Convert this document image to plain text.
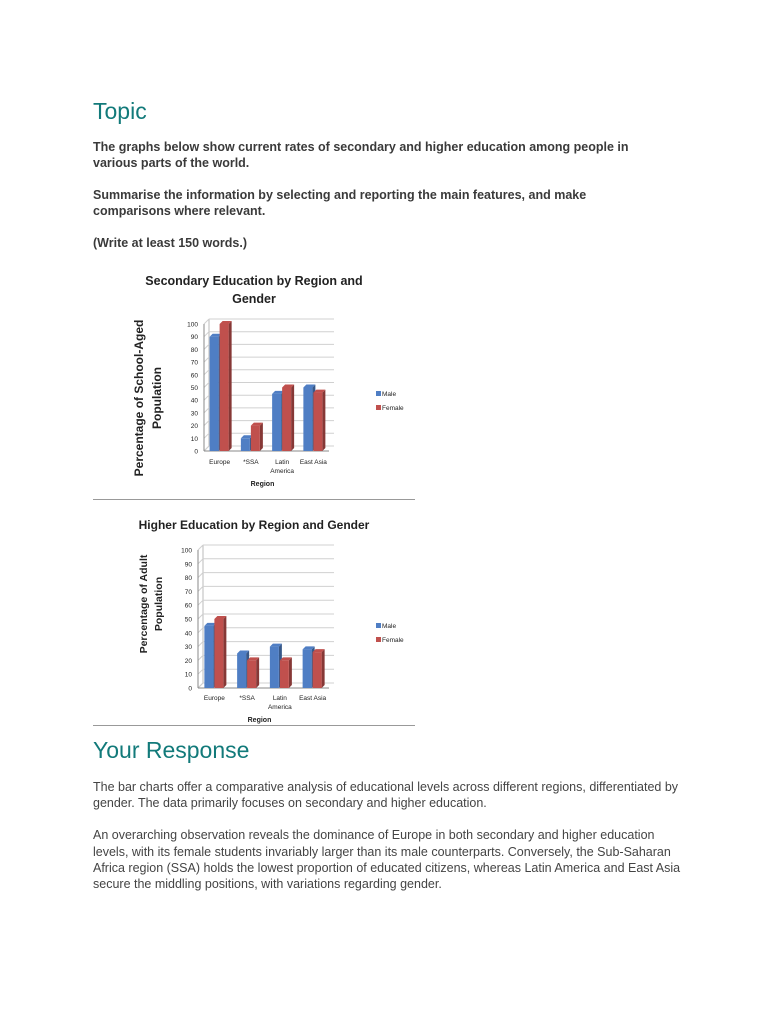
Topic

The graphs below show current rates of secondary and higher education among people in various parts of the world.

Summarise the information by selecting and reporting the main features, and make comparisons where relevant.

(Write at least 150 words.)

Secondary Education by Region and
Gender
0
10
20
30
40
50
60
70
80
90
100
Percentage of School-Aged Population
Europe *SSA	Latin
America
East Asia
Region
Male
Female
Higher Education by Region and Gender
0
10
20
30
40
50
60
70
80
90
100
Percentage of Adult Population
Europe *SSA	Latin
America
East Asia
Region
Male
Female
Your Response

The bar charts offer a comparative analysis of educational levels across different regions, differentiated by gender. The data primarily focuses on secondary and higher education.

An overarching observation reveals the dominance of Europe in both secondary and higher education levels, with its female students invariably larger than its male counterparts. Conversely, the Sub-Saharan Africa region (SSA) holds the lowest proportion of educated citizens, whereas Latin America and East Asia secure the middling positions, with variations regarding gender.
